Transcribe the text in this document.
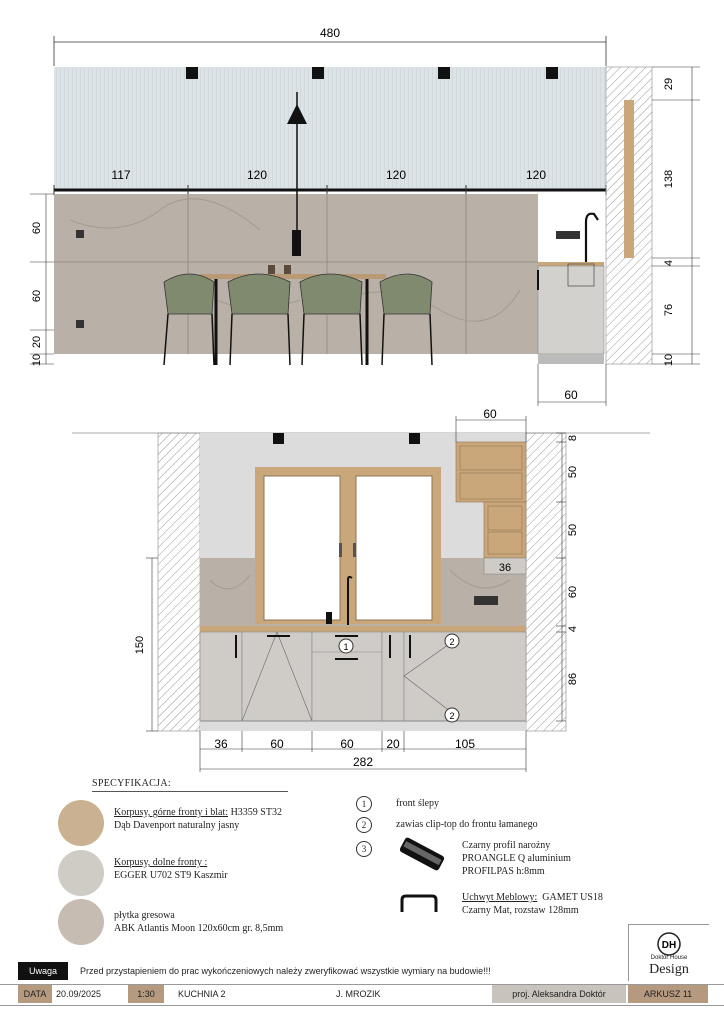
480
117	120	120	120
29
138
4
76
10
60
60
20
10
60
36
1	2
2
60
8
50
50
60
4
86
150
36	60	60	20	105
282
SPECYFIKACJA:
Korpusy, górne fronty i blat: H3359 ST32
Dąb Davenport naturalny jasny
Korpusy, dolne fronty :
EGGER U702 ST9 Kaszmir
płytka gresowa
ABK Atlantis Moon 120x60cm gr. 8,5mm
1	front ślepy
2	zawias clip-top do frontu łamanego
3	Czarny profil narożny
PROANGLE Q aluminium
PROFILPAS h:8mm
Uchwyt Meblowy: GAMET US18
Czarny Mat, rozstaw 128mm
DH
Doktor House
Design
Uwaga	Przed przystapieniem do prac wykończeniowych należy zweryfikować wszystkie wymiary na budowie!!!
DATA	20.09/2025	1:30	KUCHNIA 2	J. MROZIK	proj. Aleksandra Doktór	ARKUSZ 11
